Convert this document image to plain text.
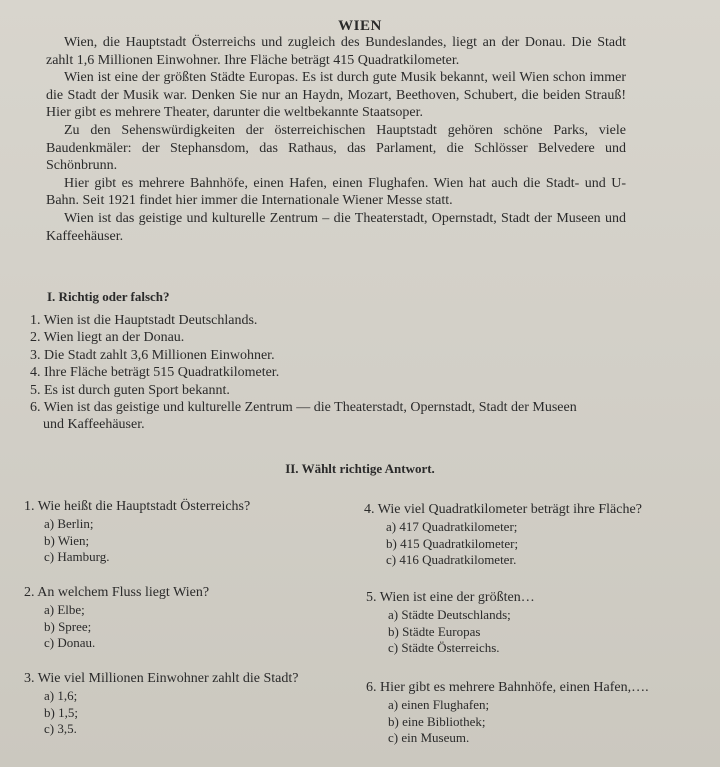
WIEN

Wien, die Hauptstadt Österreichs und zugleich des Bundeslandes, liegt an der Donau. Die Stadt zahlt 1,6 Millionen Einwohner. Ihre Fläche beträgt 415 Quadratkilometer.

Wien ist eine der größten Städte Europas. Es ist durch gute Musik bekannt, weil Wien schon immer die Stadt der Musik war. Denken Sie nur an Haydn, Mozart, Beethoven, Schubert, die beiden Strauß! Hier gibt es mehrere Theater, darunter die weltbekannte Staatsoper.

Zu den Sehenswürdigkeiten der österreichischen Hauptstadt gehören schöne Parks, viele Baudenkmäler: der Stephansdom, das Rathaus, das Parlament, die Schlösser Belvedere und Schönbrunn.

Hier gibt es mehrere Bahnhöfe, einen Hafen, einen Flughafen. Wien hat auch die Stadt- und U-Bahn. Seit 1921 findet hier immer die Internationale Wiener Messe statt.

Wien ist das geistige und kulturelle Zentrum – die Theaterstadt, Opernstadt, Stadt der Museen und Kaffeehäuser.

I. Richtig oder falsch?
1. Wien ist die Hauptstadt Deutschlands.
2. Wien liegt an der Donau.
3. Die Stadt zahlt 3,6 Millionen Einwohner.
4. Ihre Fläche beträgt 515 Quadratkilometer.
5. Es ist durch guten Sport bekannt.
6. Wien ist das geistige und kulturelle Zentrum — die Theaterstadt, Opernstadt, Stadt der Museen und Kaffeehäuser.
II. Wählt richtige Antwort.
1. Wie heißt die Hauptstadt Österreichs?
a) Berlin;
b) Wien;
c) Hamburg.
4. Wie viel Quadratkilometer beträgt ihre Fläche?
a) 417 Quadratkilometer;
b) 415 Quadratkilometer;
c) 416 Quadratkilometer.
2. An welchem Fluss liegt Wien?
a) Elbe;
b) Spree;
c) Donau.
5. Wien ist eine der größten…
a) Städte Deutschlands;
b) Städte Europas
c) Städte Österreichs.
3. Wie viel Millionen Einwohner zahlt die Stadt?
a) 1,6;
b) 1,5;
c) 3,5.
6. Hier gibt es mehrere Bahnhöfe, einen Hafen,….
a) einen Flughafen;
b) eine Bibliothek;
c) ein Museum.
